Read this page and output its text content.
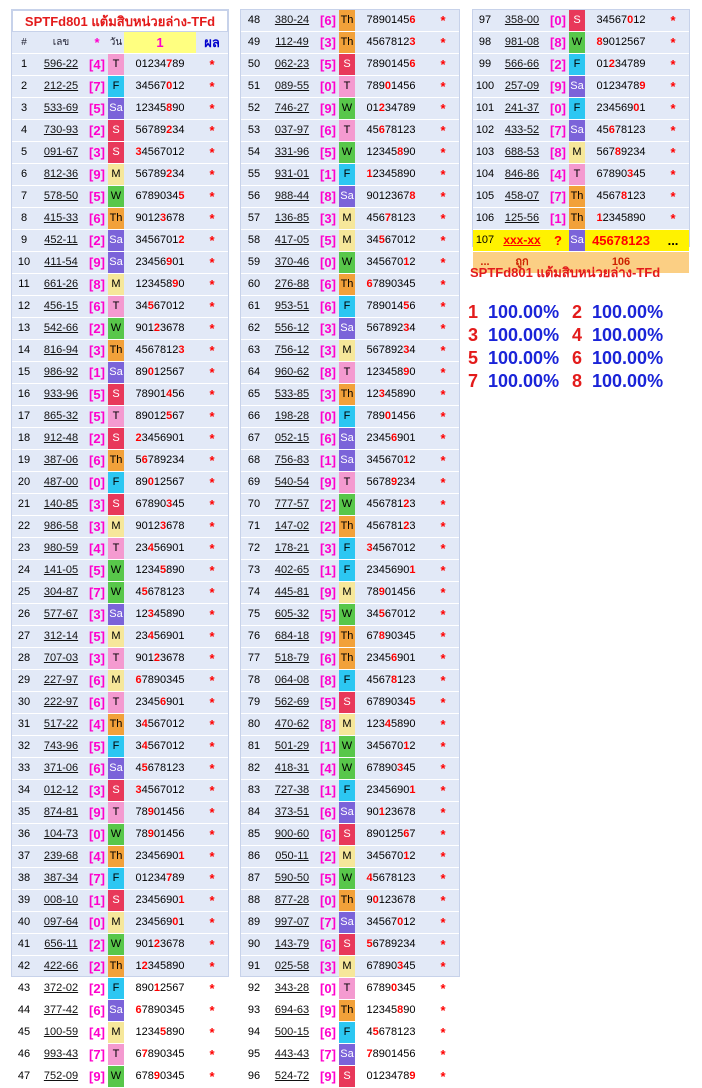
SPTFd801 แต้มสิบหน่วยล่าง-TFd
#	เลข	*	วัน	1	ผล
1	596-22	[4]	T	01234789	*
2	212-25	[7]	F	34567012	*
3	533-69	[5]	Sa	12345890	*
4	730-93	[2]	S	56789234	*
5	091-67	[3]	S	34567012	*
6	812-36	[9]	M	56789234	*
7	578-50	[5]	W	67890345	*
8	415-33	[6]	Th	90123678	*
9	452-11	[2]	Sa	34567012	*
10	411-54	[9]	Sa	23456901	*
11	661-26	[8]	M	12345890	*
12	456-15	[6]	T	34567012	*
13	542-66	[2]	W	90123678	*
14	816-94	[3]	Th	45678123	*
15	986-92	[1]	Sa	89012567	*
16	933-96	[5]	S	78901456	*
17	865-32	[5]	T	89012567	*
18	912-48	[2]	S	23456901	*
19	387-06	[6]	Th	56789234	*
20	487-00	[0]	F	89012567	*
21	140-85	[3]	S	67890345	*
22	986-58	[3]	M	90123678	*
23	980-59	[4]	T	23456901	*
24	141-05	[5]	W	12345890	*
25	304-87	[7]	W	45678123	*
26	577-67	[3]	Sa	12345890	*
27	312-14	[5]	M	23456901	*
28	707-03	[3]	T	90123678	*
29	227-97	[6]	M	67890345	*
30	222-97	[6]	T	23456901	*
31	517-22	[4]	Th	34567012	*
32	743-96	[5]	F	34567012	*
33	371-06	[6]	Sa	45678123	*
34	012-12	[3]	S	34567012	*
35	874-81	[9]	T	78901456	*
36	104-73	[0]	W	78901456	*
37	239-68	[4]	Th	23456901	*
38	387-34	[7]	F	01234789	*
39	008-10	[1]	S	23456901	*
40	097-64	[0]	M	23456901	*
41	656-11	[2]	W	90123678	*
42	422-66	[2]	Th	12345890	*
43	372-02	[2]	F	89012567	*
44	377-42	[6]	Sa	67890345	*
45	100-59	[4]	M	12345890	*
46	993-43	[7]	T	67890345	*
47	752-09	[9]	W	67890345	*
48	380-24	[6]	Th	78901456	*
49	112-49	[3]	Th	45678123	*
50	062-23	[5]	S	78901456	*
51	089-55	[0]	T	78901456	*
52	746-27	[9]	W	01234789	*
53	037-97	[6]	T	45678123	*
54	331-96	[5]	W	12345890	*
55	931-01	[1]	F	12345890	*
56	988-44	[8]	Sa	90123678	*
57	136-85	[3]	M	45678123	*
58	417-05	[5]	M	34567012	*
59	370-46	[0]	W	34567012	*
60	276-88	[6]	Th	67890345	*
61	953-51	[6]	F	78901456	*
62	556-12	[3]	Sa	56789234	*
63	756-12	[3]	M	56789234	*
64	960-62	[8]	T	12345890	*
65	533-85	[3]	Th	12345890	*
66	198-28	[0]	F	78901456	*
67	052-15	[6]	Sa	23456901	*
68	756-83	[1]	Sa	34567012	*
69	540-54	[9]	T	56789234	*
70	777-57	[2]	W	45678123	*
71	147-02	[2]	Th	45678123	*
72	178-21	[3]	F	34567012	*
73	402-65	[1]	F	23456901	*
74	445-81	[9]	M	78901456	*
75	605-32	[5]	W	34567012	*
76	684-18	[9]	Th	67890345	*
77	518-79	[6]	Th	23456901	*
78	064-08	[8]	F	45678123	*
79	562-69	[5]	S	67890345	*
80	470-62	[8]	M	12345890	*
81	501-29	[1]	W	34567012	*
82	418-31	[4]	W	67890345	*
83	727-38	[1]	F	23456901	*
84	373-51	[6]	Sa	90123678	*
85	900-60	[6]	S	89012567	*
86	050-11	[2]	M	34567012	*
87	590-50	[5]	W	45678123	*
88	877-28	[0]	Th	90123678	*
89	997-07	[7]	Sa	34567012	*
90	143-79	[6]	S	56789234	*
91	025-58	[3]	M	67890345	*
92	343-28	[0]	T	67890345	*
93	694-63	[9]	Th	12345890	*
94	500-15	[6]	F	45678123	*
95	443-43	[7]	Sa	78901456	*
96	524-72	[9]	S	01234789	*
97	358-00	[0]	S	34567012	*
98	981-08	[8]	W	89012567	*
99	566-66	[2]	F	01234789	*
100	257-09	[9]	Sa	01234789	*
101	241-37	[0]	F	23456901	*
102	433-52	[7]	Sa	45678123	*
103	688-53	[8]	M	56789234	*
104	846-86	[4]	T	67890345	*
105	458-07	[7]	Th	45678123	*
106	125-56	[1]	Th	12345890	*
107	xxx-xx	?	Sa	45678123	...
...	ถูก			106	
SPTFd801 แต้มสิบหน่วยล่าง-TFd
1 100.00% 2 100.00%
3 100.00% 4 100.00%
5 100.00% 6 100.00%
7 100.00% 8 100.00%
